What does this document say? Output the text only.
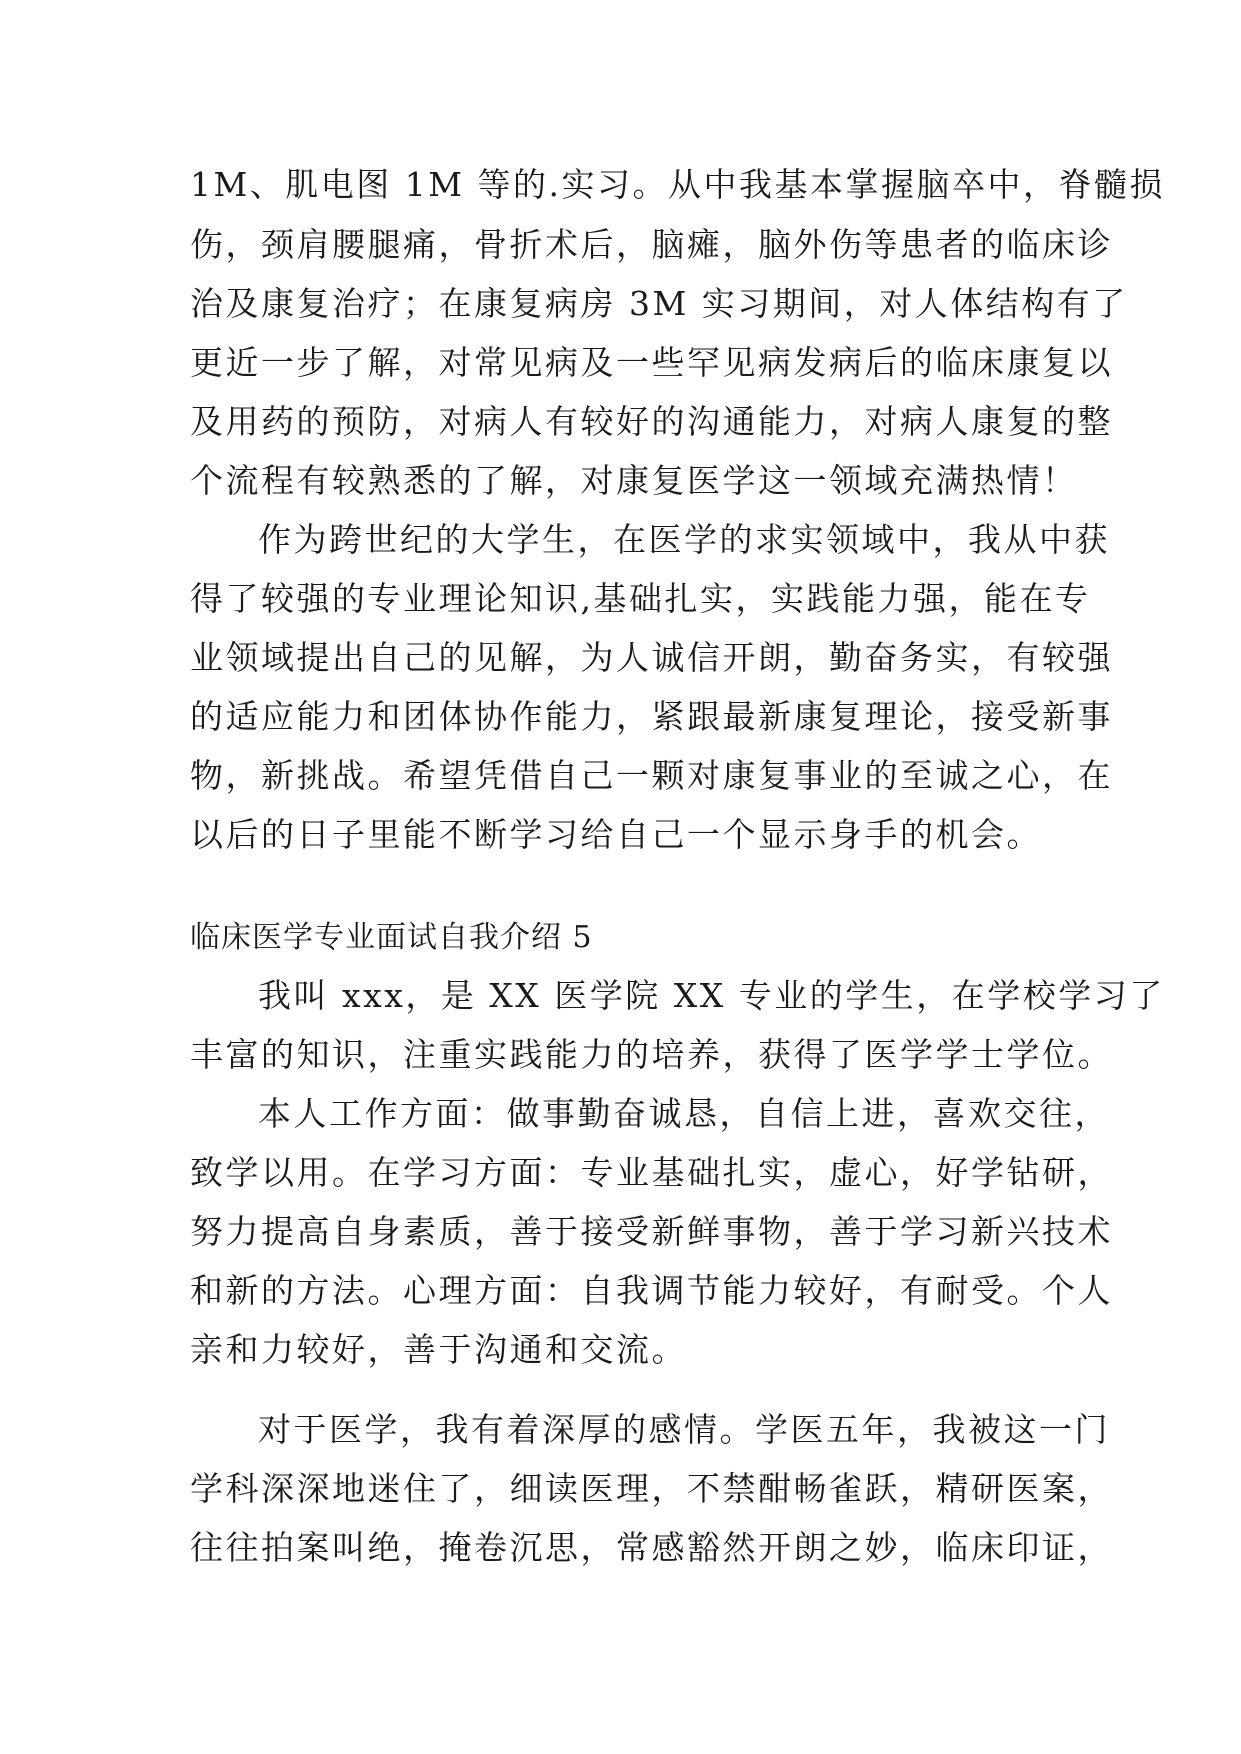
1M、肌电图 1M 等的.实习。从中我基本掌握脑卒中，脊髓损
伤，颈肩腰腿痛，骨折术后，脑瘫，脑外伤等患者的临床诊
治及康复治疗；在康复病房 3M 实习期间，对人体结构有了
更近一步了解，对常见病及一些罕见病发病后的临床康复以
及用药的预防，对病人有较好的沟通能力，对病人康复的整
个流程有较熟悉的了解，对康复医学这一领域充满热情！
作为跨世纪的大学生，在医学的求实领域中，我从中获
得了较强的专业理论知识,基础扎实，实践能力强，能在专
业领域提出自己的见解，为人诚信开朗，勤奋务实，有较强
的适应能力和团体协作能力，紧跟最新康复理论，接受新事
物，新挑战。希望凭借自己一颗对康复事业的至诚之心，在
以后的日子里能不断学习给自己一个显示身手的机会。
临床医学专业面试自我介绍 5
我叫 xxx，是 XX 医学院 XX 专业的学生，在学校学习了
丰富的知识，注重实践能力的培养，获得了医学学士学位。
本人工作方面：做事勤奋诚恳，自信上进，喜欢交往，
致学以用。在学习方面：专业基础扎实，虚心，好学钻研，
努力提高自身素质，善于接受新鲜事物，善于学习新兴技术
和新的方法。心理方面：自我调节能力较好，有耐受。个人
亲和力较好，善于沟通和交流。
对于医学，我有着深厚的感情。学医五年，我被这一门
学科深深地迷住了，细读医理，不禁酣畅雀跃，精研医案，
往往拍案叫绝，掩卷沉思，常感豁然开朗之妙，临床印证，
